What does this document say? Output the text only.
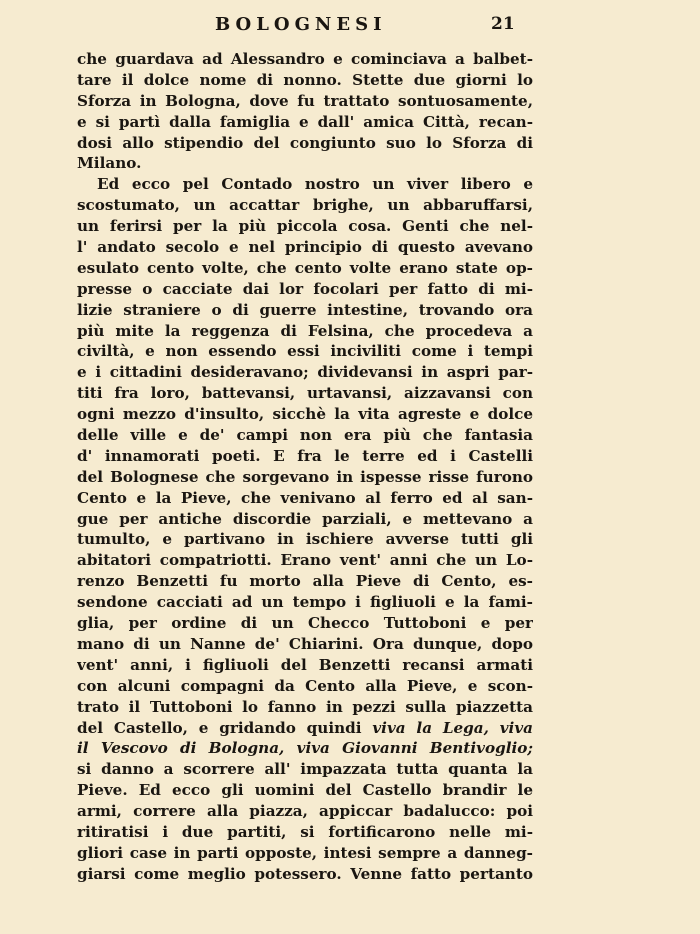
BOLOGNESI	21
che guardava ad Alessandro e cominciava a balbet-
tare il dolce nome di nonno. Stette due giorni lo
Sforza in Bologna, dove fu trattato sontuosamente,
e si partì dalla famiglia e dall' amica Città, recan-
dosi allo stipendio del congiunto suo lo Sforza di
Milano.
Ed ecco pel Contado nostro un viver libero e
scostumato, un accattar brighe, un abbaruffarsi,
un ferirsi per la più piccola cosa. Genti che nel-
l' andato secolo e nel principio di questo avevano
esulato cento volte, che cento volte erano state op-
presse o cacciate dai lor focolari per fatto di mi-
lizie straniere o di guerre intestine, trovando ora
più mite la reggenza di Felsina, che procedeva a
civiltà, e non essendo essi inciviliti come i tempi
e i cittadini desideravano; dividevansi in aspri par-
titi fra loro, battevansi, urtavansi, aizzavansi con
ogni mezzo d'insulto, sicchè la vita agreste e dolce
delle ville e de' campi non era più che fantasia
d' innamorati poeti. E fra le terre ed i Castelli
del Bolognese che sorgevano in ispesse risse furono
Cento e la Pieve, che venivano al ferro ed al san-
gue per antiche discordie parziali, e mettevano a
tumulto, e partivano in ischiere avverse tutti gli
abitatori compatriotti. Erano vent' anni che un Lo-
renzo Benzetti fu morto alla Pieve di Cento, es-
sendone cacciati ad un tempo i figliuoli e la fami-
glia, per ordine di un Checco Tuttoboni e per
mano di un Nanne de' Chiarini. Ora dunque, dopo
vent' anni, i figliuoli del Benzetti recansi armati
con alcuni compagni da Cento alla Pieve, e scon-
trato il Tuttoboni lo fanno in pezzi sulla piazzetta
del Castello, e gridando quindi viva la Lega, viva
il Vescovo di Bologna, viva Giovanni Bentivoglio;
si danno a scorrere all' impazzata tutta quanta la
Pieve. Ed ecco gli uomini del Castello brandir le
armi, correre alla piazza, appiccar badalucco: poi
ritiratisi i due partiti, si fortificarono nelle mi-
gliori case in parti opposte, intesi sempre a danneg-
giarsi come meglio potessero. Venne fatto pertanto
